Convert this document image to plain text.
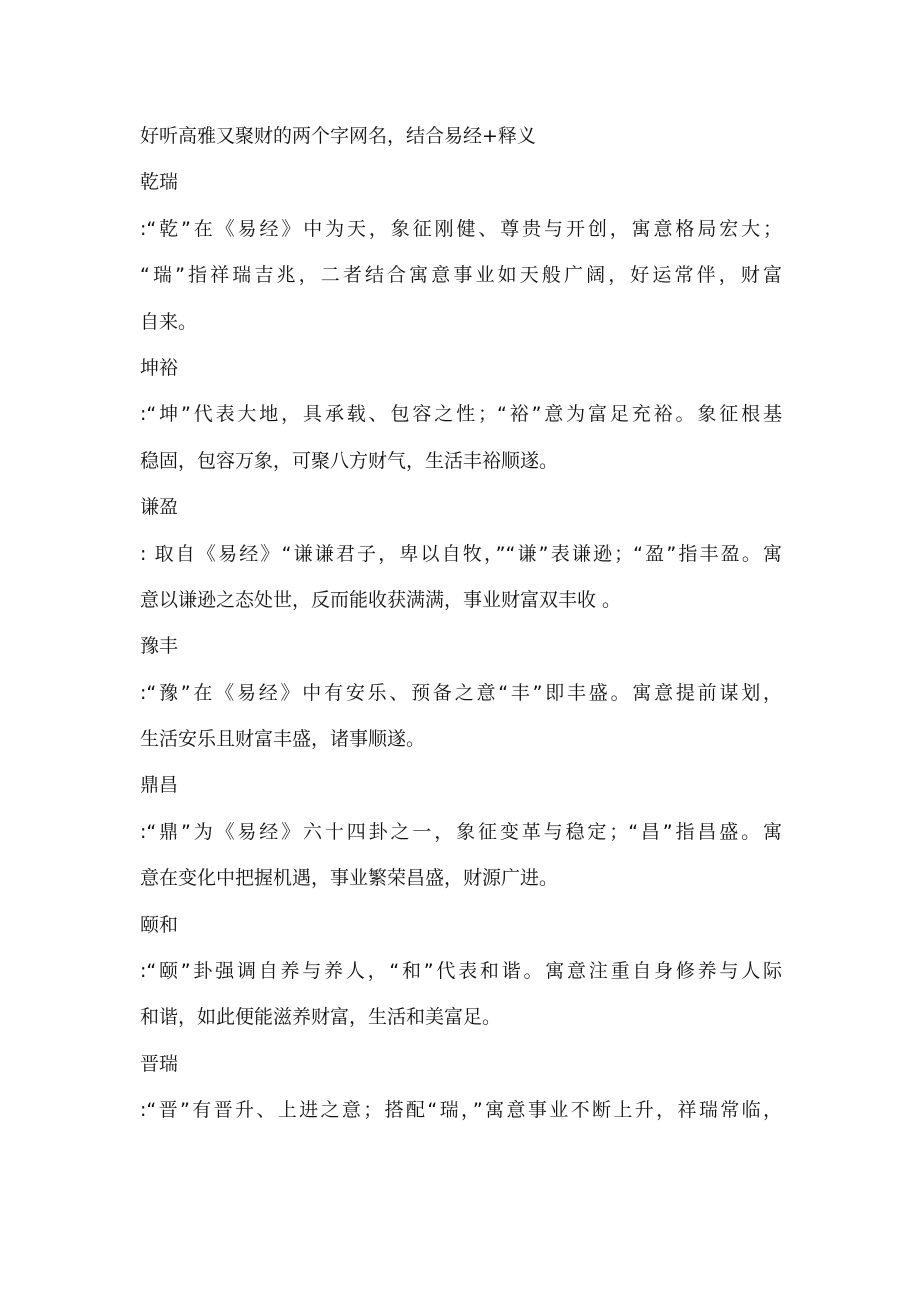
好听高雅又聚财的两个字网名，结合易经+释义
乾瑞
:“乾”在《易经》中为天，象征刚健、尊贵与开创，寓意格局宏大；
“瑞”指祥瑞吉兆，二者结合寓意事业如天般广阔，好运常伴，财富
自来。
坤裕
:“坤”代表大地，具承载、包容之性；“裕”意为富足充裕。象征根基
稳固，包容万象，可聚八方财气，生活丰裕顺遂。
谦盈
: 取自《易经》“谦谦君子，卑以自牧，”“谦”表谦逊；“盈”指丰盈。寓
意以谦逊之态处世，反而能收获满满，事业财富双丰收 。
豫丰
:“豫”在《易经》中有安乐、预备之意“丰”即丰盛。寓意提前谋划，
生活安乐且财富丰盛，诸事顺遂。
鼎昌
:“鼎”为《易经》六十四卦之一，象征变革与稳定；“昌”指昌盛。寓
意在变化中把握机遇，事业繁荣昌盛，财源广进。
颐和
:“颐”卦强调自养与养人，“和”代表和谐。寓意注重自身修养与人际
和谐，如此便能滋养财富，生活和美富足。
晋瑞
:“晋”有晋升、上进之意；搭配“瑞，”寓意事业不断上升，祥瑞常临，
